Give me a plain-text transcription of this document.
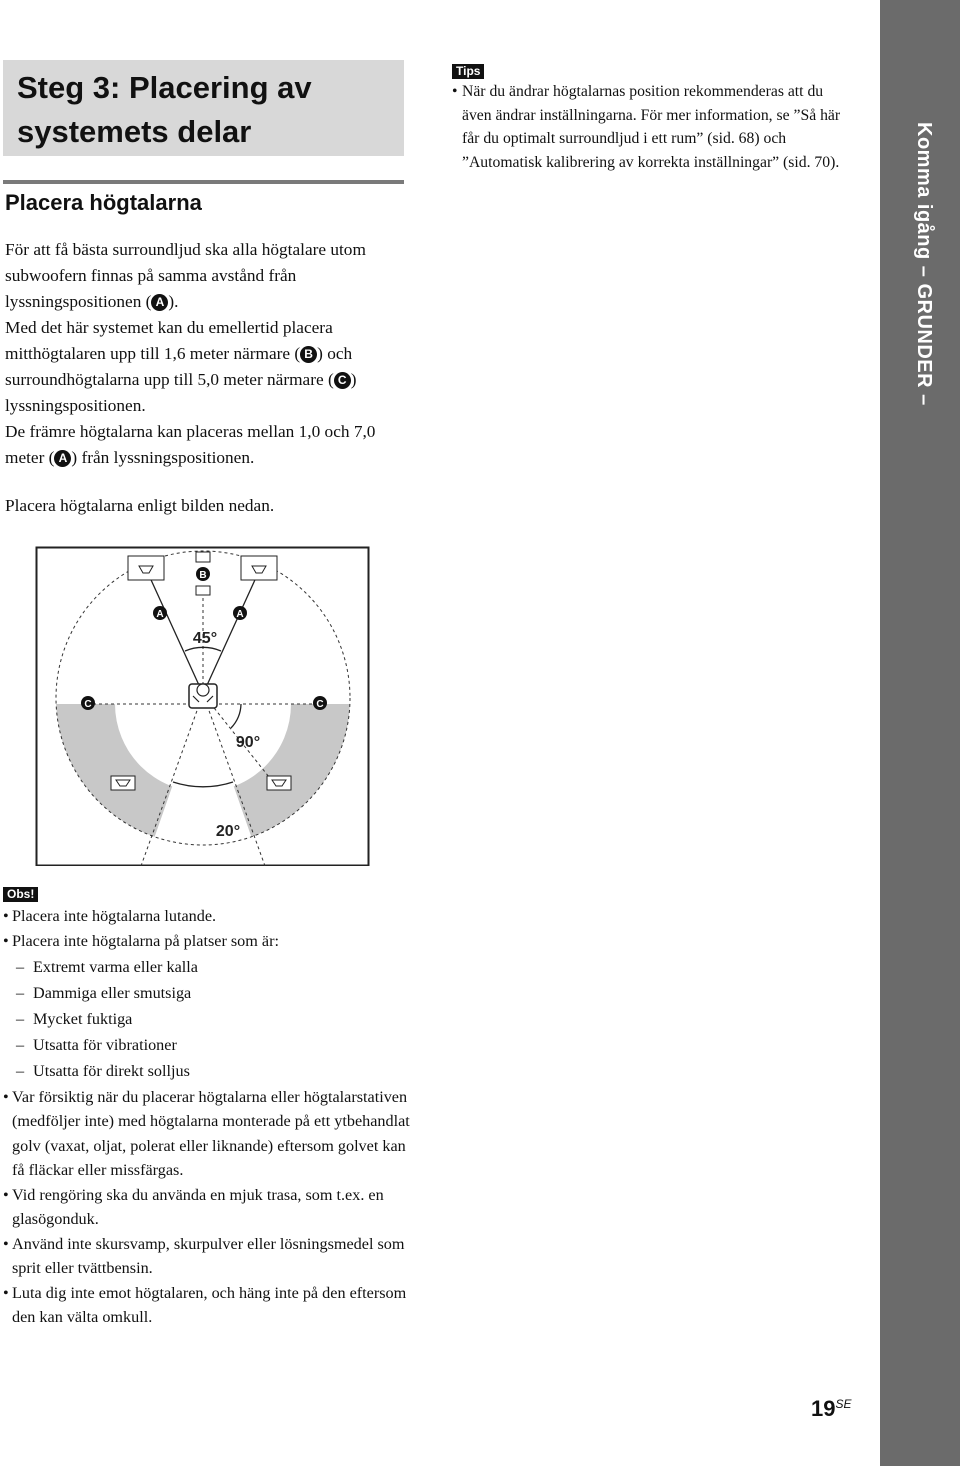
Komma igång – GRUNDER –
Steg 3: Placering av
systemets delar
Placera högtalarna
För att få bästa surroundljud ska alla högtalare utom subwoofern finnas på samma avstånd från lyssningspositionen ( A ).
Med det här systemet kan du emellertid placera mitthögtalaren upp till 1,6 meter närmare ( B ) och surroundhögtalarna upp till 5,0 meter närmare ( C ) lyssningspositionen.
De främre högtalarna kan placeras mellan 1,0 och 7,0 meter ( A ) från lyssningspositionen.
Placera högtalarna enligt bilden nedan.
B
A	A
C	C
45°
90°
20°
Tips
• När du ändrar högtalarnas position rekommenderas att du även ändrar inställningarna. För mer information, se ”Så här får du optimalt surroundljud i ett rum” (sid. 68) och ”Automatisk kalibrering av korrekta inställningar” (sid. 70).
Obs!
• Placera inte högtalarna lutande.
• Placera inte högtalarna på platser som är:
– Extremt varma eller kalla
– Dammiga eller smutsiga
– Mycket fuktiga
– Utsatta för vibrationer
– Utsatta för direkt solljus
• Var försiktig när du placerar högtalarna eller högtalarstativen (medföljer inte) med högtalarna monterade på ett ytbehandlat golv (vaxat, oljat, polerat eller liknande) eftersom golvet kan få fläckar eller missfärgas.
• Vid rengöring ska du använda en mjuk trasa, som t.ex. en glasögonduk.
• Använd inte skursvamp, skurpulver eller lösningsmedel som sprit eller tvättbensin.
• Luta dig inte emot högtalaren, och häng inte på den eftersom den kan välta omkull.
$19^{SE}$
